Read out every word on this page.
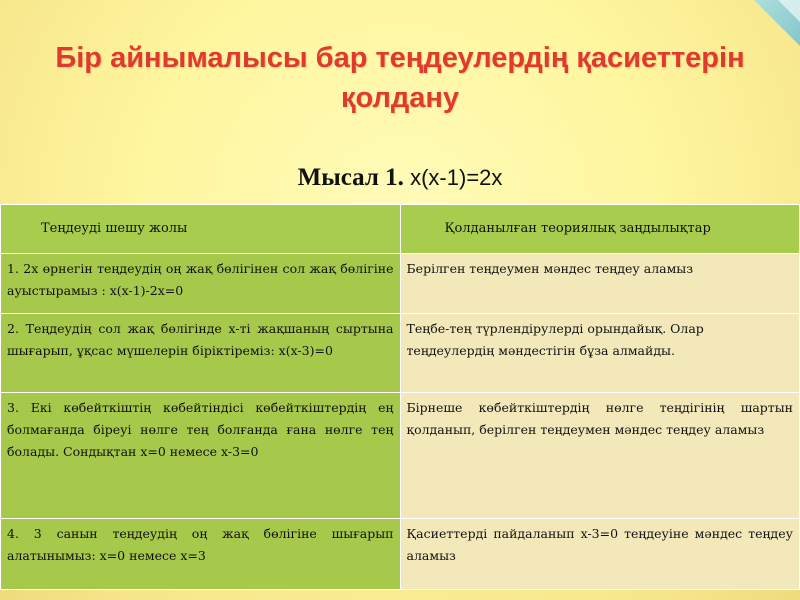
Бір айнымалысы бар теңдеулердің қасиеттерін қолдану
Мысал 1. x(x-1)=2x
Теңдеуді шешу жолы	Қолданылған теориялық заңдылықтар
1. 2x өрнегін теңдеудің оң жақ бөлігінен сол жақ бөлігіне ауыстырамыз : x(x-1)-2x=0	Берілген теңдеумен мәндес теңдеу аламыз
2. Теңдеудің сол жақ бөлігінде x-ті жақшаның сыртына шығарып, ұқсас мүшелерін біріктіреміз: x(x-3)=0	Теңбе-тең түрлендірулерді орындайық. Олар теңдеулердің мәндестігін бұза алмайды.
3. Екі көбейткіштің көбейтіндісі көбейткіштердің ең болмағанда біреуі нөлге тең болғанда ғана нөлге тең болады. Сондықтан x=0 немесе x-3=0	Бірнеше көбейткіштердің нөлге теңдігінің шартын қолданып, берілген теңдеумен мәндес теңдеу аламыз
4. 3 санын теңдеудің оң жақ бөлігіне шығарып алатынымыз: x=0 немесе x=3	Қасиеттерді пайдаланып x-3=0 теңдеуіне мәндес теңдеу аламыз
